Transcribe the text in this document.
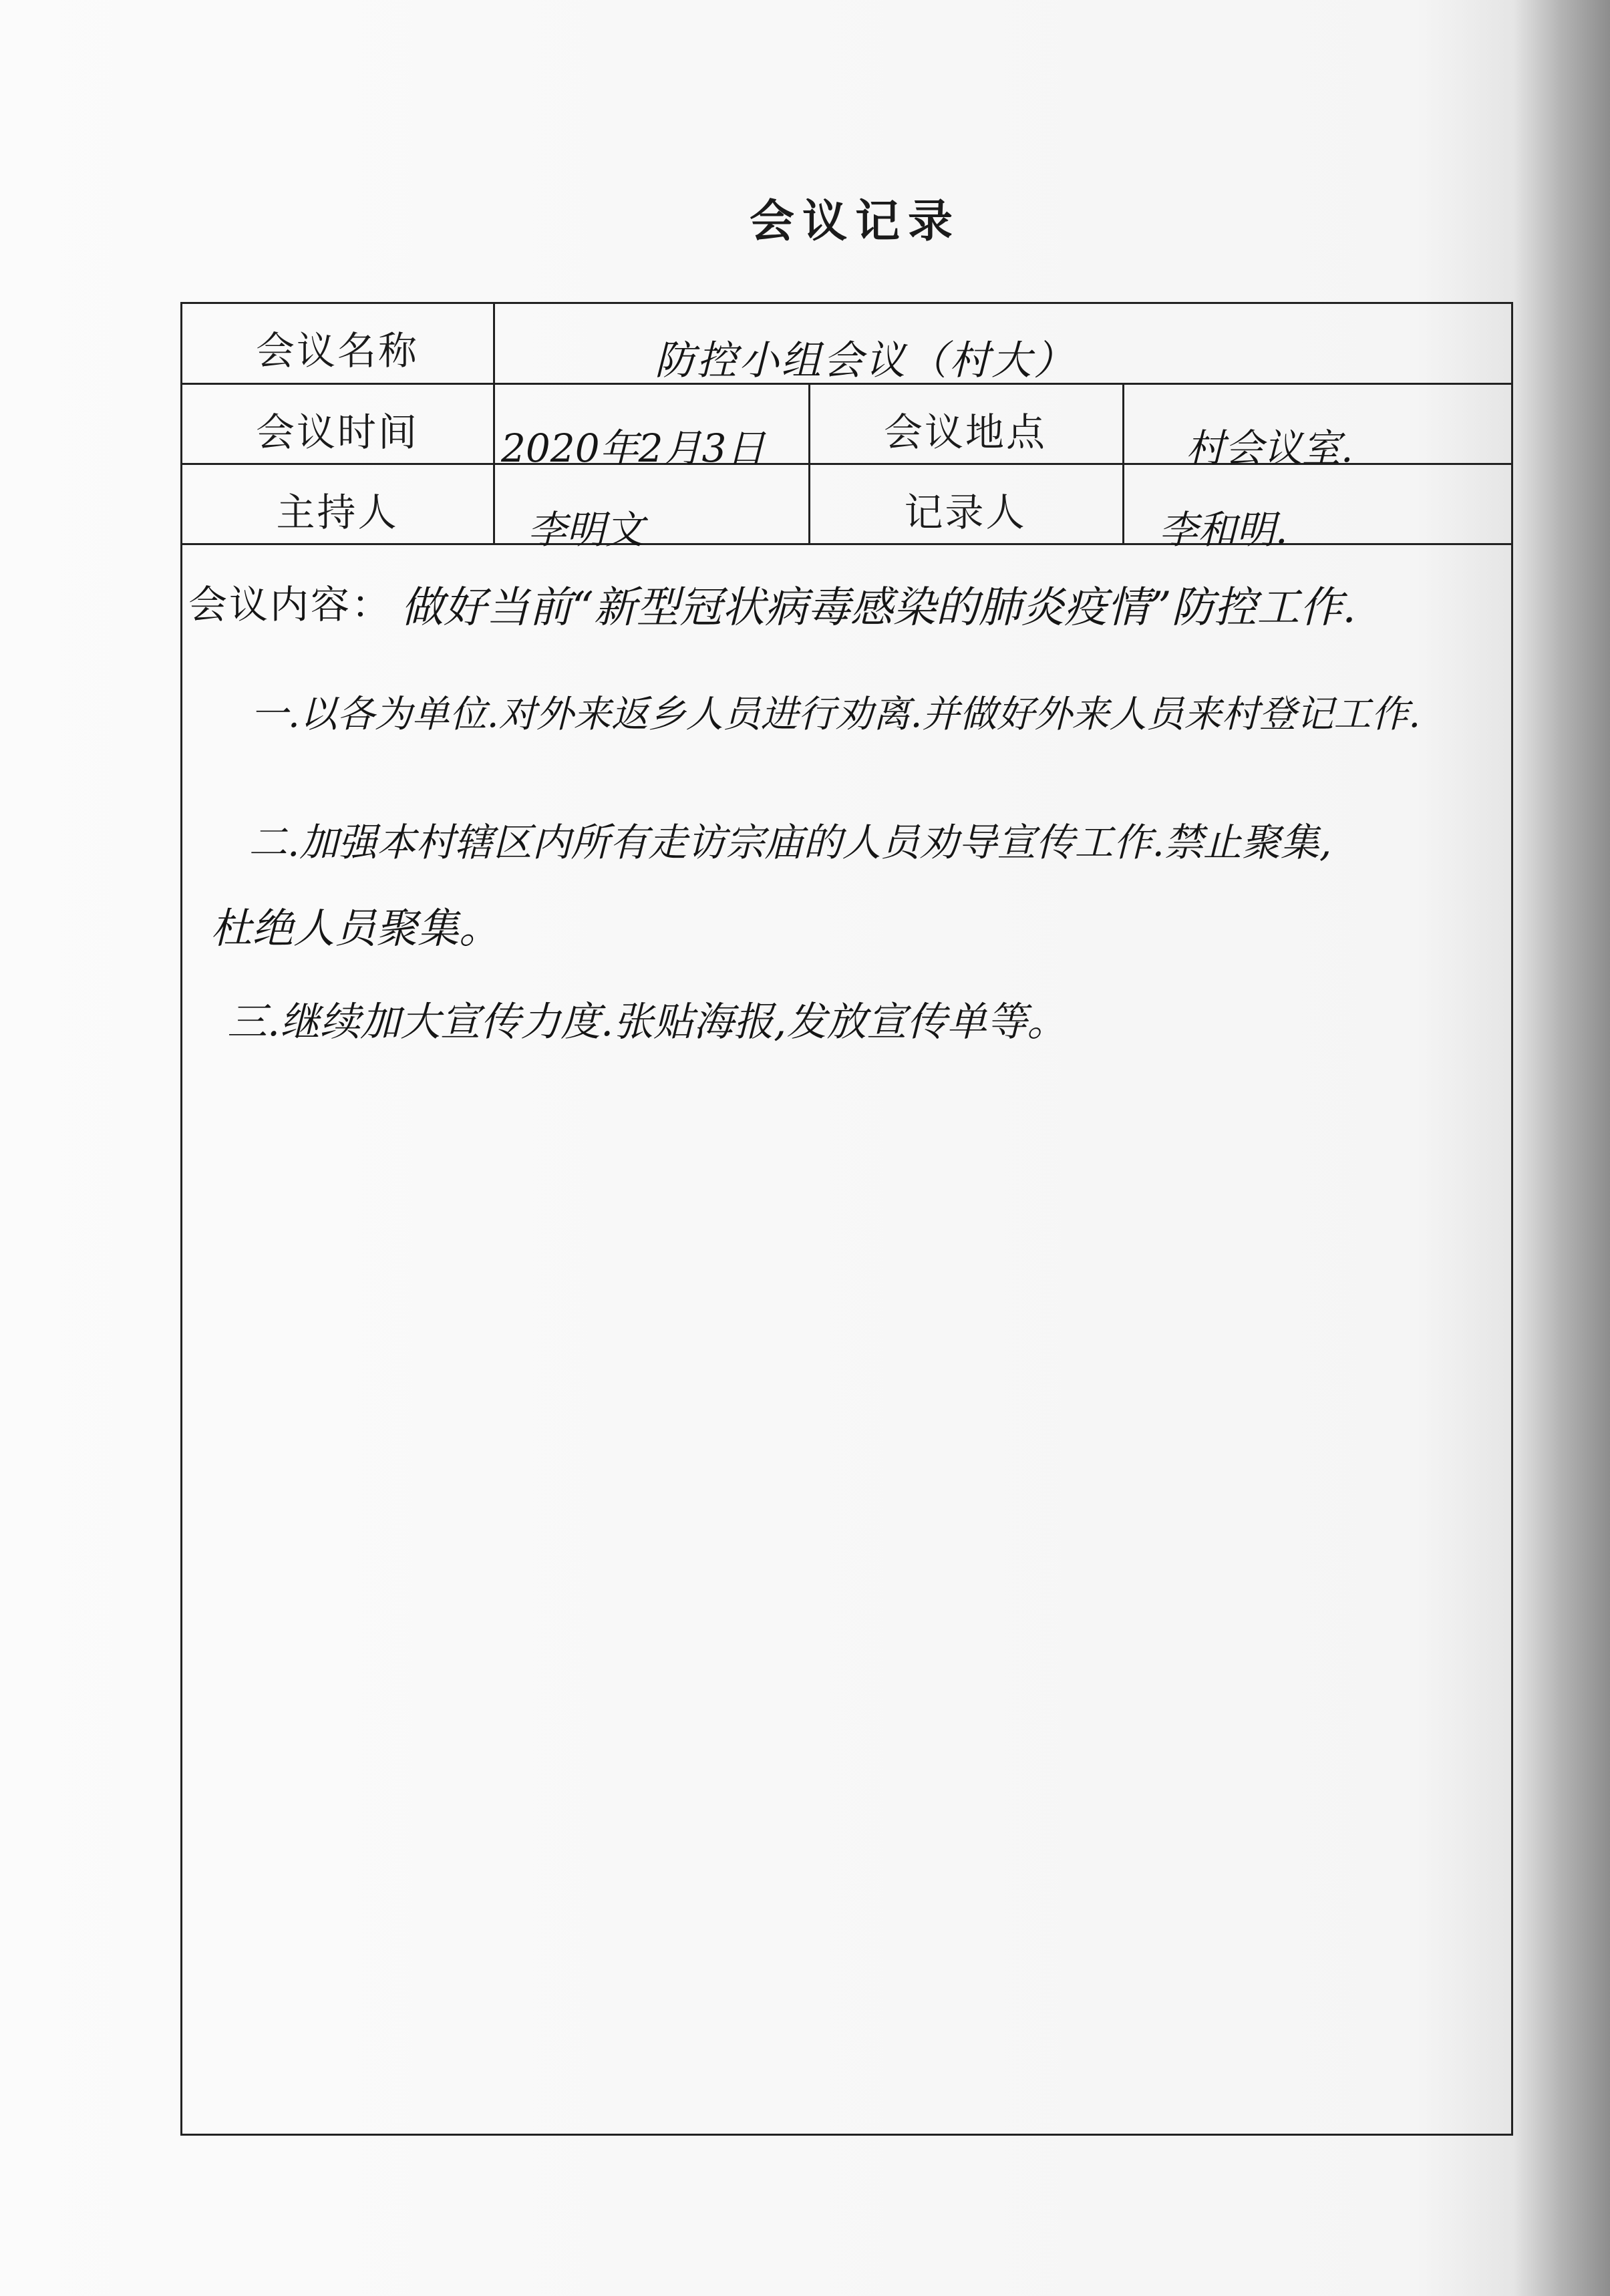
会议记录
会议名称	防控小组会议（村大）
会议时间	2020年2月3日	会议地点	村会议室.
主持人	李明文	记录人	李和明.
会议内容： 做好当前“新型冠状病毒感染的肺炎疫情”防控工作.
一.以各为单位.对外来返乡人员进行劝离.并做好外来人员来村登记工作.
二.加强本村辖区内所有走访宗庙的人员劝导宣传工作.禁止聚集,
杜绝人员聚集。
三.继续加大宣传力度.张贴海报,发放宣传单等。
